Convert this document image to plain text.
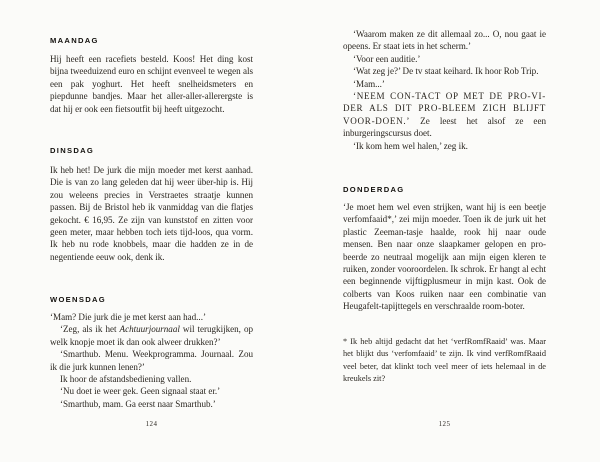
MAANDAG

Hij heeft een racefiets besteld. Koos! Het ding kost bijna tweeduizend euro en schijnt evenveel te wegen als een pak yoghurt. Het heeft snelheidsmeters en piepdunne bandjes. Maar het aller-aller-allerergste is dat hij er ook een fietsoutfit bij heeft uitgezocht.

DINSDAG

Ik heb het! De jurk die mijn moeder met kerst aanhad. Die is van zo lang geleden dat hij weer über-hip is. Hij zou weleens precies in Verstraetes straatje kunnen passen. Bij de Bristol heb ik vanmiddag van die flatjes gekocht. € 16,95. Ze zijn van kunststof en zitten voor geen meter, maar hebben toch iets tijd-loos, qua vorm. Ik heb nu rode knobbels, maar die hadden ze in de negentiende eeuw ook, denk ik.

WOENSDAG

‘Mam? Die jurk die je met kerst aan had...’

‘Zeg, als ik het Achtuurjournaal wil terugkijken, op welk knopje moet ik dan ook alweer drukken?’

‘Smarthub. Menu. Weekprogramma. Journaal. Zou ik die jurk kunnen lenen?’

Ik hoor de afstandsbediening vallen.

‘Nu doet ie weer gek. Geen signaal staat er.’

‘Smarthub, mam. Ga eerst naar Smarthub.’

124

‘Waarom maken ze dit allemaal zo... O, nou gaat ie opeens. Er staat iets in het scherm.’

‘Voor een auditie.’

‘Wat zeg je?’ De tv staat keihard. Ik hoor Rob Trip.

‘Mam...’

‘NEEM CON-TACT OP MET DE PRO-VI-DER ALS DIT PRO-BLEEM ZICH BLIJFT VOOR-DOEN.’ Ze leest het alsof ze een inburgeringscursus doet.

‘Ik kom hem wel halen,’ zeg ik.

DONDERDAG

‘Je moet hem wel even strijken, want hij is een beetje verfomfaaid*,’ zei mijn moeder. Toen ik de jurk uit het plastic Zeeman-tasje haalde, rook hij naar oude mensen. Ben naar onze slaapkamer gelopen en pro-beerde zo neutraal mogelijk aan mijn eigen kleren te ruiken, zonder vooroordelen. Ik schrok. Er hangt al echt een beginnende vijftigplusmeur in mijn kast. Ook de colberts van Koos ruiken naar een combinatie van Heugafelt-tapijttegels en verschraalde room-boter.

* Ik heb altijd gedacht dat het ‘verfRomfRaaid’ was. Maar het blijkt dus ‘verfomfaaid’ te zijn. Ik vind verfRomfRaaid veel beter, dat klinkt toch veel meer of iets helemaal in de kreukels zit?
125
